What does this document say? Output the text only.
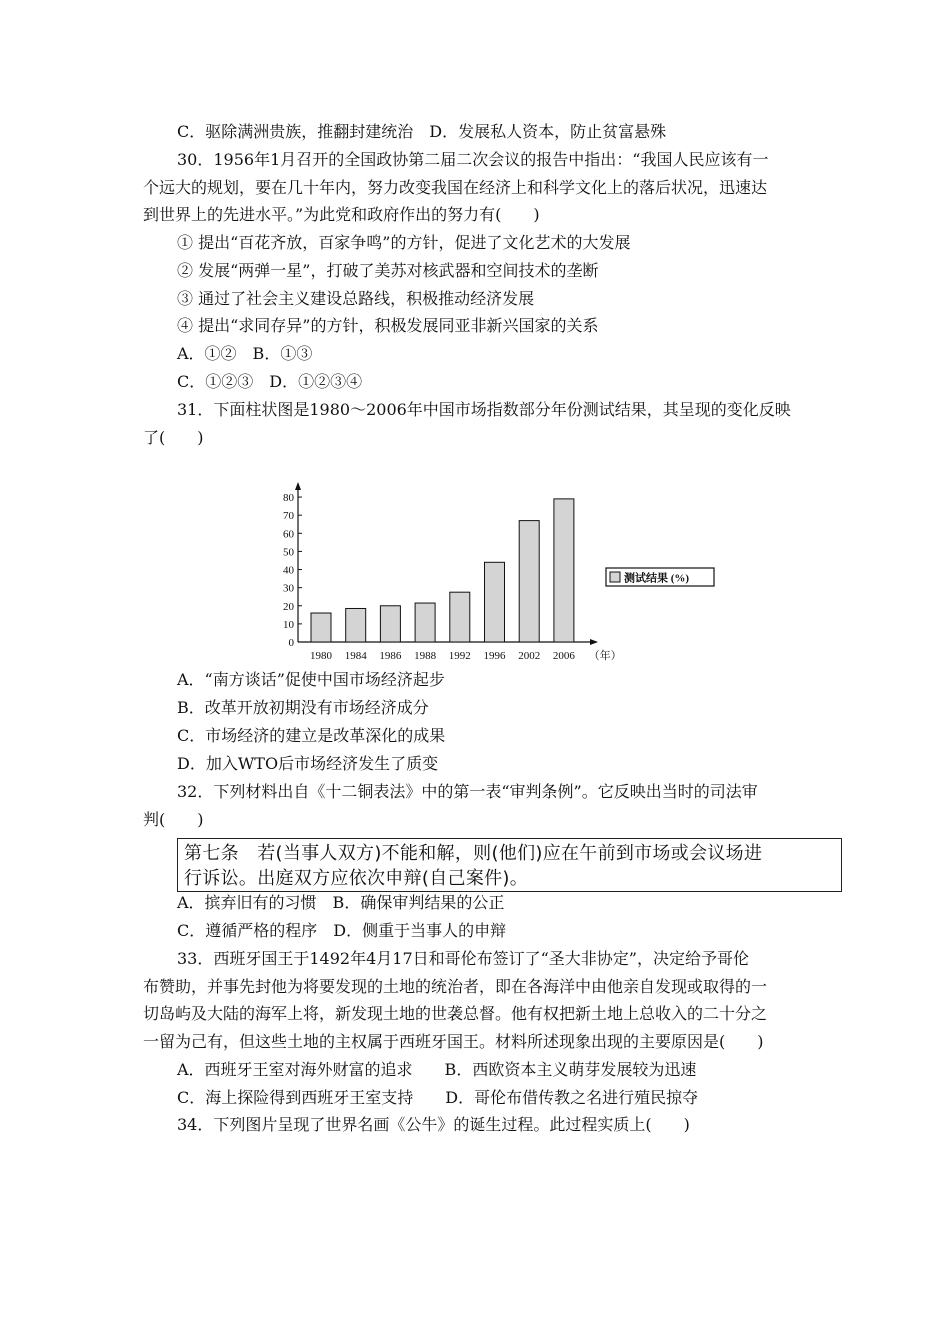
C．驱除满洲贵族，推翻封建统治　D．发展私人资本，防止贫富悬殊
30．1956年1月召开的全国政协第二届二次会议的报告中指出：“我国人民应该有一
个远大的规划，要在几十年内，努力改变我国在经济上和科学文化上的落后状况，迅速达
到世界上的先进水平。”为此党和政府作出的努力有(　　)
① 提出“百花齐放，百家争鸣”的方针，促进了文化艺术的大发展
② 发展“两弹一星”，打破了美苏对核武器和空间技术的垄断
③ 通过了社会主义建设总路线，积极推动经济发展
④ 提出“求同存异”的方针，积极发展同亚非新兴国家的关系
A．①②　B．①③
C．①②③　D．①②③④
31．下面柱状图是1980～2006年中国市场指数部分年份测试结果，其呈现的变化反映
了(　　)
0
10
20
30
40
50
60
70
80
1980 1984 1986 1988 1992 1996 2002 2006 （年）
测试结果 (%)
A．“南方谈话”促使中国市场经济起步
B．改革开放初期没有市场经济成分
C．市场经济的建立是改革深化的成果
D．加入WTO后市场经济发生了质变
32．下列材料出自《十二铜表法》中的第一表“审判条例”。它反映出当时的司法审
判(　　)
第七条　若(当事人双方)不能和解，则(他们)应在午前到市场或会议场进
行诉讼。出庭双方应依次申辩(自己案件)。
A．摈弃旧有的习惯　B．确保审判结果的公正
C．遵循严格的程序　D．侧重于当事人的申辩
33．西班牙国王于1492年4月17日和哥伦布签订了“圣大非协定”，决定给予哥伦
布赞助，并事先封他为将要发现的土地的统治者，即在各海洋中由他亲自发现或取得的一
切岛屿及大陆的海军上将，新发现土地的世袭总督。他有权把新土地上总收入的二十分之
一留为己有，但这些土地的主权属于西班牙国王。材料所述现象出现的主要原因是(　　)
A．西班牙王室对海外财富的追求　　B．西欧资本主义萌芽发展较为迅速
C．海上探险得到西班牙王室支持　　D．哥伦布借传教之名进行殖民掠夺
34．下列图片呈现了世界名画《公牛》的诞生过程。此过程实质上(　　)
